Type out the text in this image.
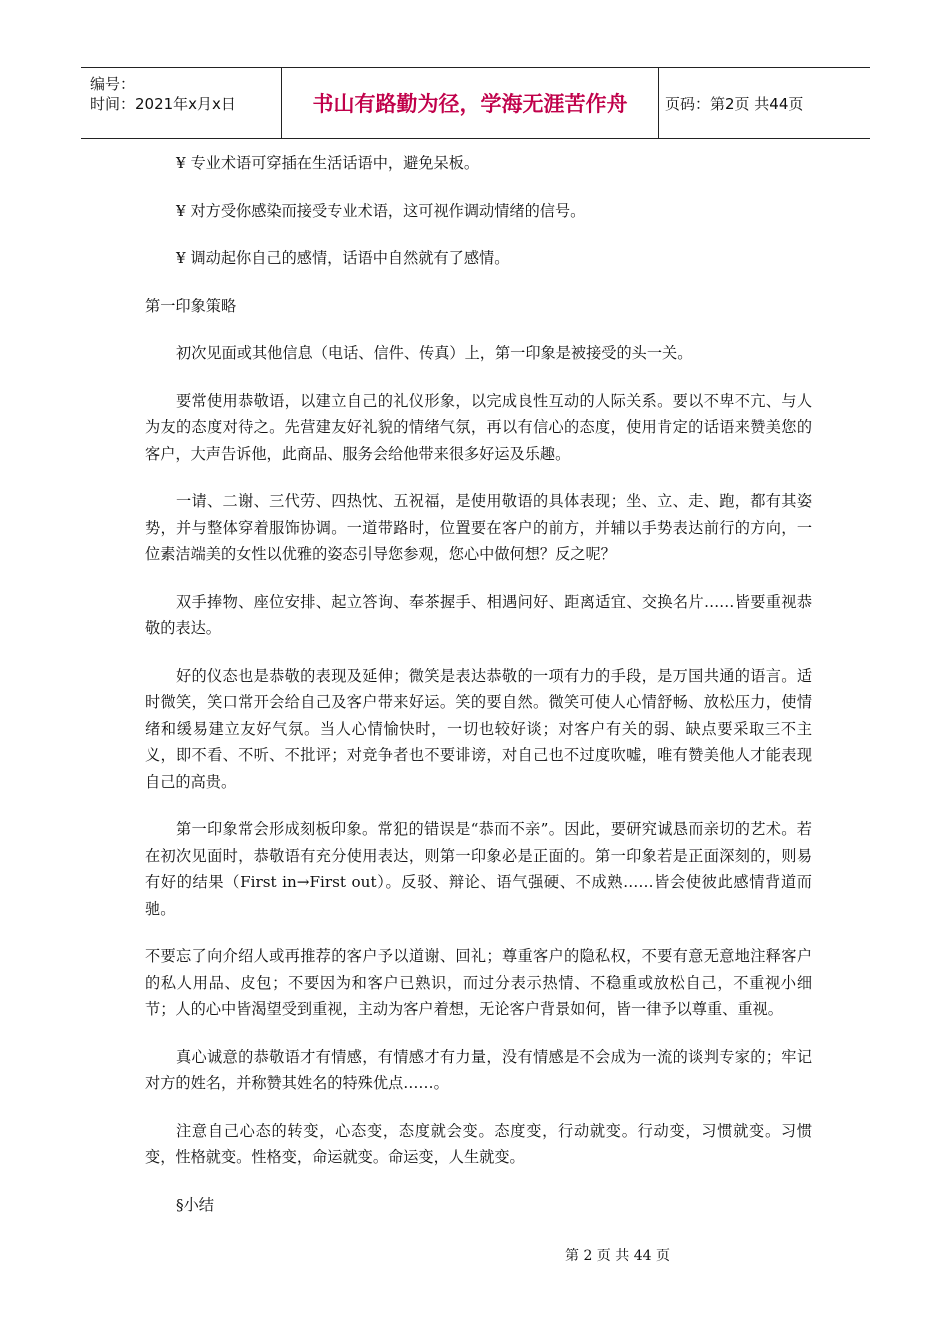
编号：
时间：2021年x月x日	书山有路勤为径，学海无涯苦作舟	页码：第2页 共44页

¥ 专业术语可穿插在生活话语中，避免呆板。

¥ 对方受你感染而接受专业术语，这可视作调动情绪的信号。

¥ 调动起你自己的感情，话语中自然就有了感情。

第一印象策略

初次见面或其他信息（电话、信件、传真）上，第一印象是被接受的头一关。

要常使用恭敬语，以建立自己的礼仪形象，以完成良性互动的人际关系。要以不卑不亢、与人为友的态度对待之。先营建友好礼貌的情绪气氛，再以有信心的态度，使用肯定的话语来赞美您的客户，大声告诉他，此商品、服务会给他带来很多好运及乐趣。

一请、二谢、三代劳、四热忱、五祝福，是使用敬语的具体表现；坐、立、走、跑，都有其姿势，并与整体穿着服饰协调。一道带路时，位置要在客户的前方，并辅以手势表达前行的方向，一位素洁端美的女性以优雅的姿态引导您参观，您心中做何想？反之呢？

双手捧物、座位安排、起立答询、奉茶握手、相遇问好、距离适宜、交换名片……皆要重视恭敬的表达。

好的仪态也是恭敬的表现及延伸；微笑是表达恭敬的一项有力的手段，是万国共通的语言。适时微笑，笑口常开会给自己及客户带来好运。笑的要自然。微笑可使人心情舒畅、放松压力，使情绪和缓易建立友好气氛。当人心情愉快时，一切也较好谈；对客户有关的弱、缺点要采取三不主义，即不看、不听、不批评；对竞争者也不要诽谤，对自己也不过度吹嘘，唯有赞美他人才能表现自己的高贵。

第一印象常会形成刻板印象。常犯的错误是“恭而不亲”。因此，要研究诚恳而亲切的艺术。若在初次见面时，恭敬语有充分使用表达，则第一印象必是正面的。第一印象若是正面深刻的，则易有好的结果（First in→First out）。反驳、辩论、语气强硬、不成熟……皆会使彼此感情背道而驰。

不要忘了向介绍人或再推荐的客户予以道谢、回礼；尊重客户的隐私权，不要有意无意地注释客户的私人用品、皮包；不要因为和客户已熟识，而过分表示热情、不稳重或放松自己，不重视小细节；人的心中皆渴望受到重视，主动为客户着想，无论客户背景如何，皆一律予以尊重、重视。

真心诚意的恭敬语才有情感，有情感才有力量，没有情感是不会成为一流的谈判专家的；牢记对方的姓名，并称赞其姓名的特殊优点……。

注意自己心态的转变，心态变，态度就会变。态度变，行动就变。行动变，习惯就变。习惯变，性格就变。性格变，命运就变。命运变，人生就变。

§小结

第 2 页 共 44 页
